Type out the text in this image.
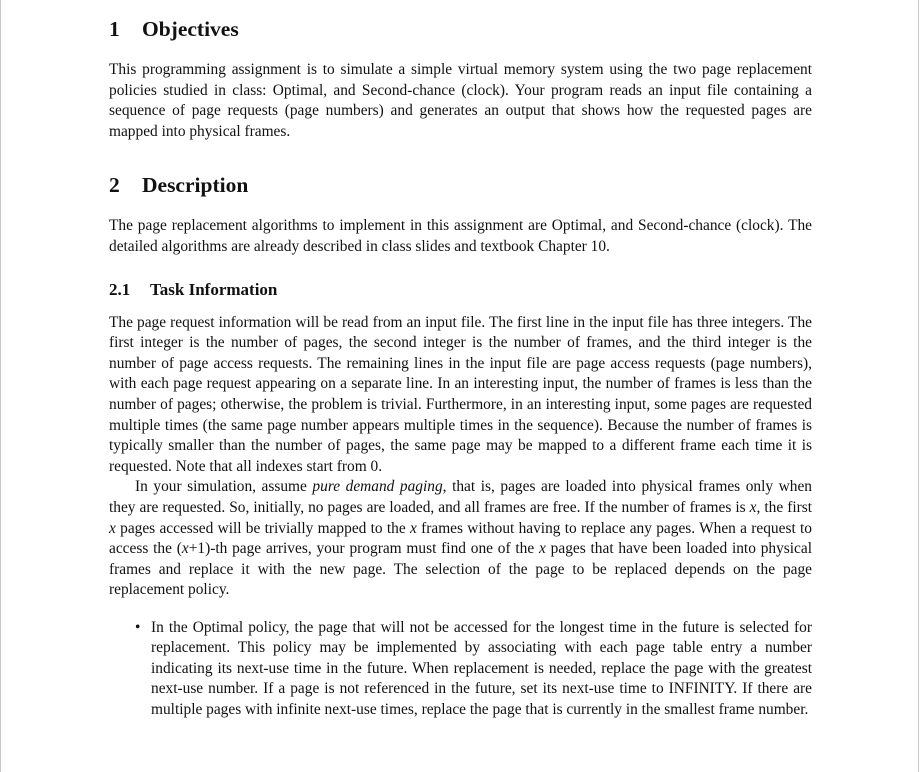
1 Objectives

This programming assignment is to simulate a simple virtual memory system using the two page replacement policies studied in class: Optimal, and Second-chance (clock). Your program reads an input file containing a sequence of page requests (page numbers) and generates an output that shows how the requested pages are mapped into physical frames.

2 Description

The page replacement algorithms to implement in this assignment are Optimal, and Second-chance (clock). The detailed algorithms are already described in class slides and textbook Chapter 10.

2.1 Task Information

The page request information will be read from an input file. The first line in the input file has three integers. The first integer is the number of pages, the second integer is the number of frames, and the third integer is the number of page access requests. The remaining lines in the input file are page access requests (page numbers), with each page request appearing on a separate line. In an interesting input, the number of frames is less than the number of pages; otherwise, the problem is trivial. Furthermore, in an interesting input, some pages are requested multiple times (the same page number appears multiple times in the sequence). Because the number of frames is typically smaller than the number of pages, the same page may be mapped to a different frame each time it is requested. Note that all indexes start from 0.

In your simulation, assume pure demand paging, that is, pages are loaded into physical frames only when they are requested. So, initially, no pages are loaded, and all frames are free. If the number of frames is x, the first x pages accessed will be trivially mapped to the x frames without having to replace any pages. When a request to access the (x+1)-th page arrives, your program must find one of the x pages that have been loaded into physical frames and replace it with the new page. The selection of the page to be replaced depends on the page replacement policy.

• In the Optimal policy, the page that will not be accessed for the longest time in the future is selected for replacement. This policy may be implemented by associating with each page table entry a number indicating its next-use time in the future. When replacement is needed, replace the page with the greatest next-use number. If a page is not referenced in the future, set its next-use time to INFINITY. If there are multiple pages with infinite next-use times, replace the page that is currently in the smallest frame number.
